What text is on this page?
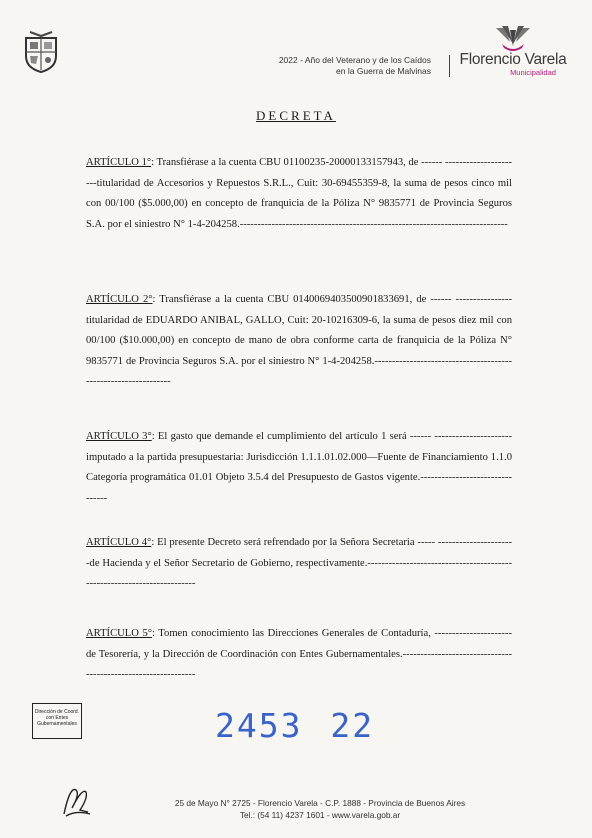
2022 - Año del Veterano y de los Caídos
en la Guerra de Malvinas
Florencio Varela
Municipalidad
DECRETA
ARTÍCULO 1°: Transfiérase a la cuenta CBU 01100235-20000133157943, de ------ ----------------------titularidad de Accesorios y Repuestos S.R.L., Cuit: 30-69455359-8, la suma de pesos cinco mil con 00/100 ($5.000,00) en concepto de franquicia de la Póliza N° 9835771 de Provincia Seguros S.A. por el siniestro N° 1-4-204258.----------------------------------------------------------------------------
ARTÍCULO 2°: Transfiérase a la cuenta CBU 0140069403500901833691, de ------ ----------------titularidad de EDUARDO ANIBAL, GALLO, Cuit: 20-10216309-6, la suma de pesos diez mil con 00/100 ($10.000,00) en concepto de mano de obra conforme carta de franquicia de la Póliza N° 9835771 de Provincia Seguros S.A. por el siniestro N° 1-4-204258.---------------------------------------------------------------
ARTÍCULO 3°: El gasto que demande el cumplimiento del artículo 1 será ------ ----------------------imputado a la partida presupuestaria: Jurisdicción 1.1.1.01.02.000—Fuente de Financiamiento 1.1.0 Categoría programática 01.01 Objeto 3.5.4 del Presupuesto de Gastos vigente.--------------------------------
ARTÍCULO 4°: El presente Decreto será refrendado por la Señora Secretaria ----- ----------------------de Hacienda y el Señor Secretario de Gobierno, respectivamente.------------------------------------------------------------------------
ARTÍCULO 5°: Tomen conocimiento las Direcciones Generales de Contaduría, ----------------------de Tesorería, y la Dirección de Coordinación con Entes Gubernamentales.--------------------------------------------------------------
Dirección de Coord.
con Entes
Gubernamentales	2453 22
25 de Mayo N° 2725 - Florencio Varela - C.P. 1888 - Provincia de Buenos Aires
Tel.: (54 11) 4237 1601 - www.varela.gob.ar
